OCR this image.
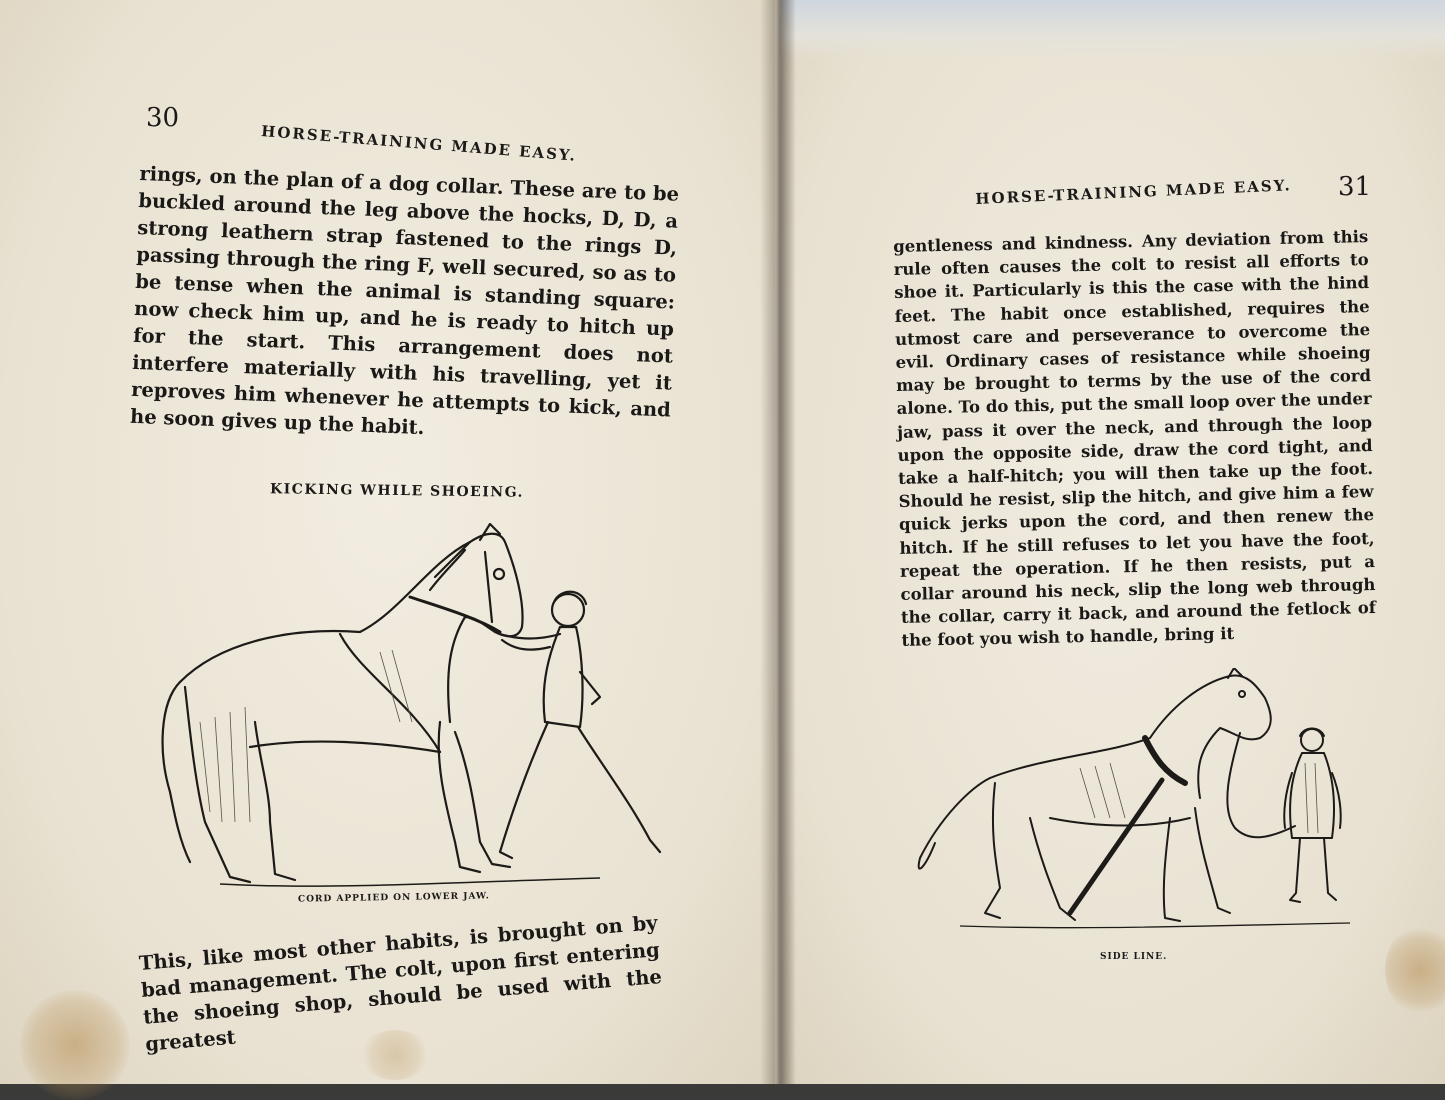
30
HORSE-TRAINING MADE EASY.

rings, on the plan of a dog collar. These are to be buckled around the leg above the hocks, D, D, a strong leathern strap fastened to the rings D, passing through the ring F, well secured, so as to be tense when the animal is standing square: now check him up, and he is ready to hitch up for the start. This arrangement does not interfere materially with his travelling, yet it reproves him whenever he attempts to kick, and he soon gives up the habit.

KICKING WHILE SHOEING.
CORD APPLIED ON LOWER JAW.

This, like most other habits, is brought on by bad management. The colt, upon first entering the shoeing shop, should be used with the greatest

HORSE-TRAINING MADE EASY. 31

gentleness and kindness. Any deviation from this rule often causes the colt to resist all efforts to shoe it. Particularly is this the case with the hind feet. The habit once established, requires the utmost care and perseverance to overcome the evil. Ordinary cases of resistance while shoeing may be brought to terms by the use of the cord alone. To do this, put the small loop over the under jaw, pass it over the neck, and through the loop upon the opposite side, draw the cord tight, and take a half-hitch; you will then take up the foot. Should he resist, slip the hitch, and give him a few quick jerks upon the cord, and then renew the hitch. If he still refuses to let you have the foot, repeat the operation. If he then resists, put a collar around his neck, slip the long web through the collar, carry it back, and around the fetlock of the foot you wish to handle, bring it

SIDE LINE.
